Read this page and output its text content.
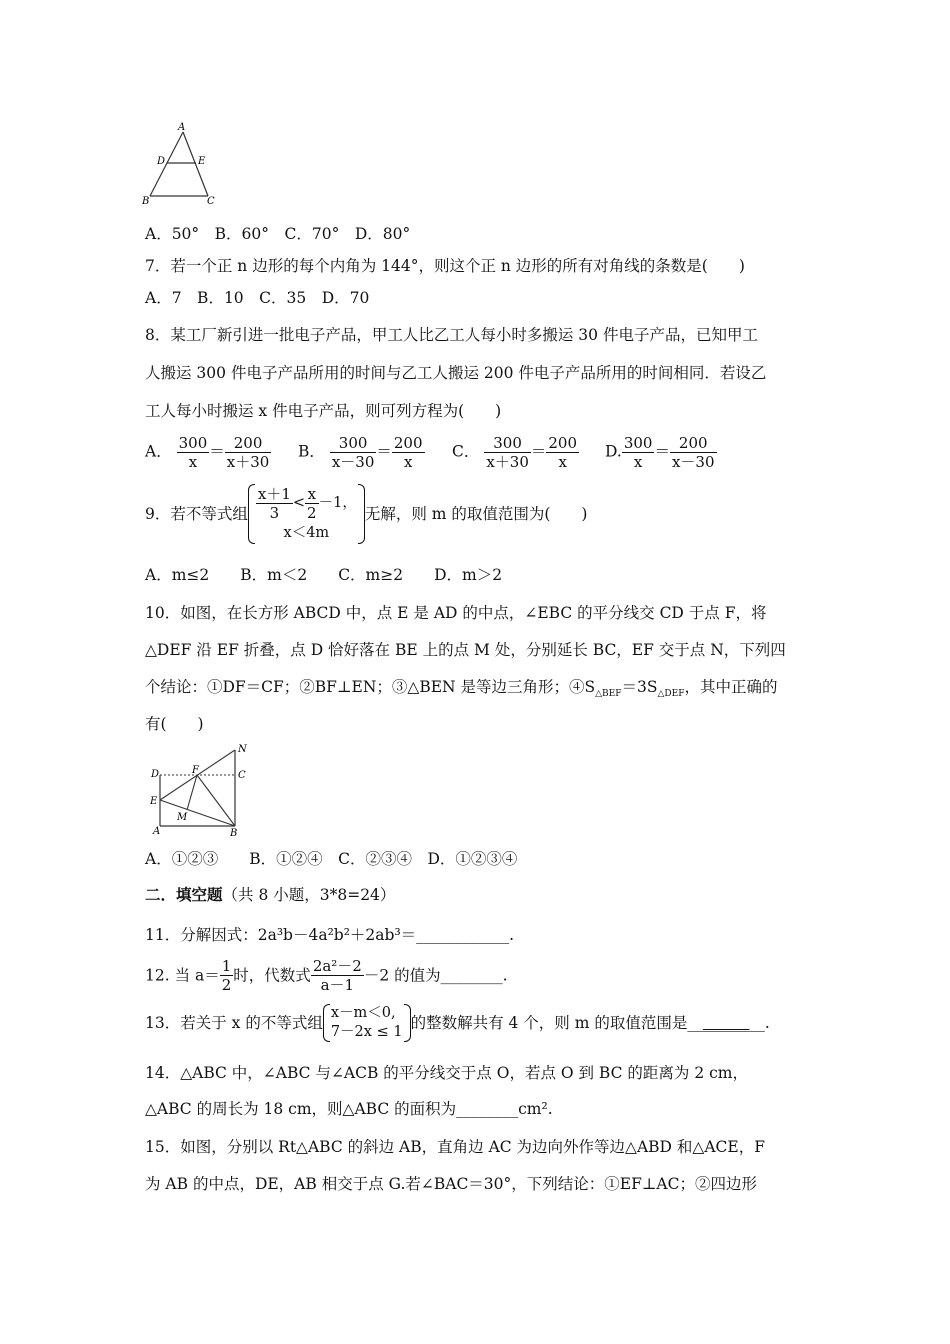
A
D	E
B	C
A．50°　B．60°　C．70°　D．80°
7．若一个正 n 边形的每个内角为 144°，则这个正 n 边形的所有对角线的条数是(　　)
A．7　B．10　C．35　D．70
8．某工厂新引进一批电子产品，甲工人比乙工人每小时多搬运 30 件电子产品，已知甲工
人搬运 300 件电子产品所用的时间与乙工人搬运 200 件电子产品所用的时间相同．若设乙
工人每小时搬运 x 件电子产品，则可列方程为(　　)
A． $\frac{300}{x} = \frac{200}{x+30}$ B． $\frac{300}{x-30} = \frac{200}{x}$ C． $\frac{300}{x+30} = \frac{200}{x} D$. $\frac{300}{x} = \frac{200}{x-30}$
9．若不等式组 $\frac{x+1}{3} < \frac{x}{2} -1$，
x＜4m
无解，则 m 的取值范围为(　　)
A．m≤2　　B．m＜2　　C．m≥2　　D．m＞2
10．如图，在长方形 ABCD 中，点 E 是 AD 的中点，∠EBC 的平分线交 CD 于点 F，将
△DEF 沿 EF 折叠，点 D 恰好落在 BE 上的点 M 处，分别延长 BC，EF 交于点 N，下列四
个结论：①DF＝CF；②BF⊥EN；③△BEN 是等边三角形；$④S_{\triangle BEF}=3S_{\triangle DEF}$，其中正确的
有(　　)
N
D	F	C
E
M
A	B
A．①②③　　B．①②④　C．②③④　D．①②③④
二．填空题（共 8 小题，3*8=24）
11．分解因式：2a³b－4a²b²＋2ab³＝____________.
12. 当 $a= \frac{1}{2}$ 时，代数式 $\frac{\text{2a²－2}}{a-1} -2$ 的值为________.
13．若关于 x 的不等式组
x－m＜0,
7－2x ≤ 1 的整数解共有 4 个，则 m 的取值范围是__________.
14．△ABC 中，∠ABC 与∠ACB 的平分线交于点 O，若点 O 到 BC 的距离为 2 cm，
△ABC 的周长为 18 cm，则△ABC 的面积为________cm².
15．如图，分别以 Rt△ABC 的斜边 AB，直角边 AC 为边向外作等边△ABD 和△ACE，F
为 AB 的中点，DE，AB 相交于点 G.若∠BAC＝30°，下列结论：①EF⊥AC；②四边形
